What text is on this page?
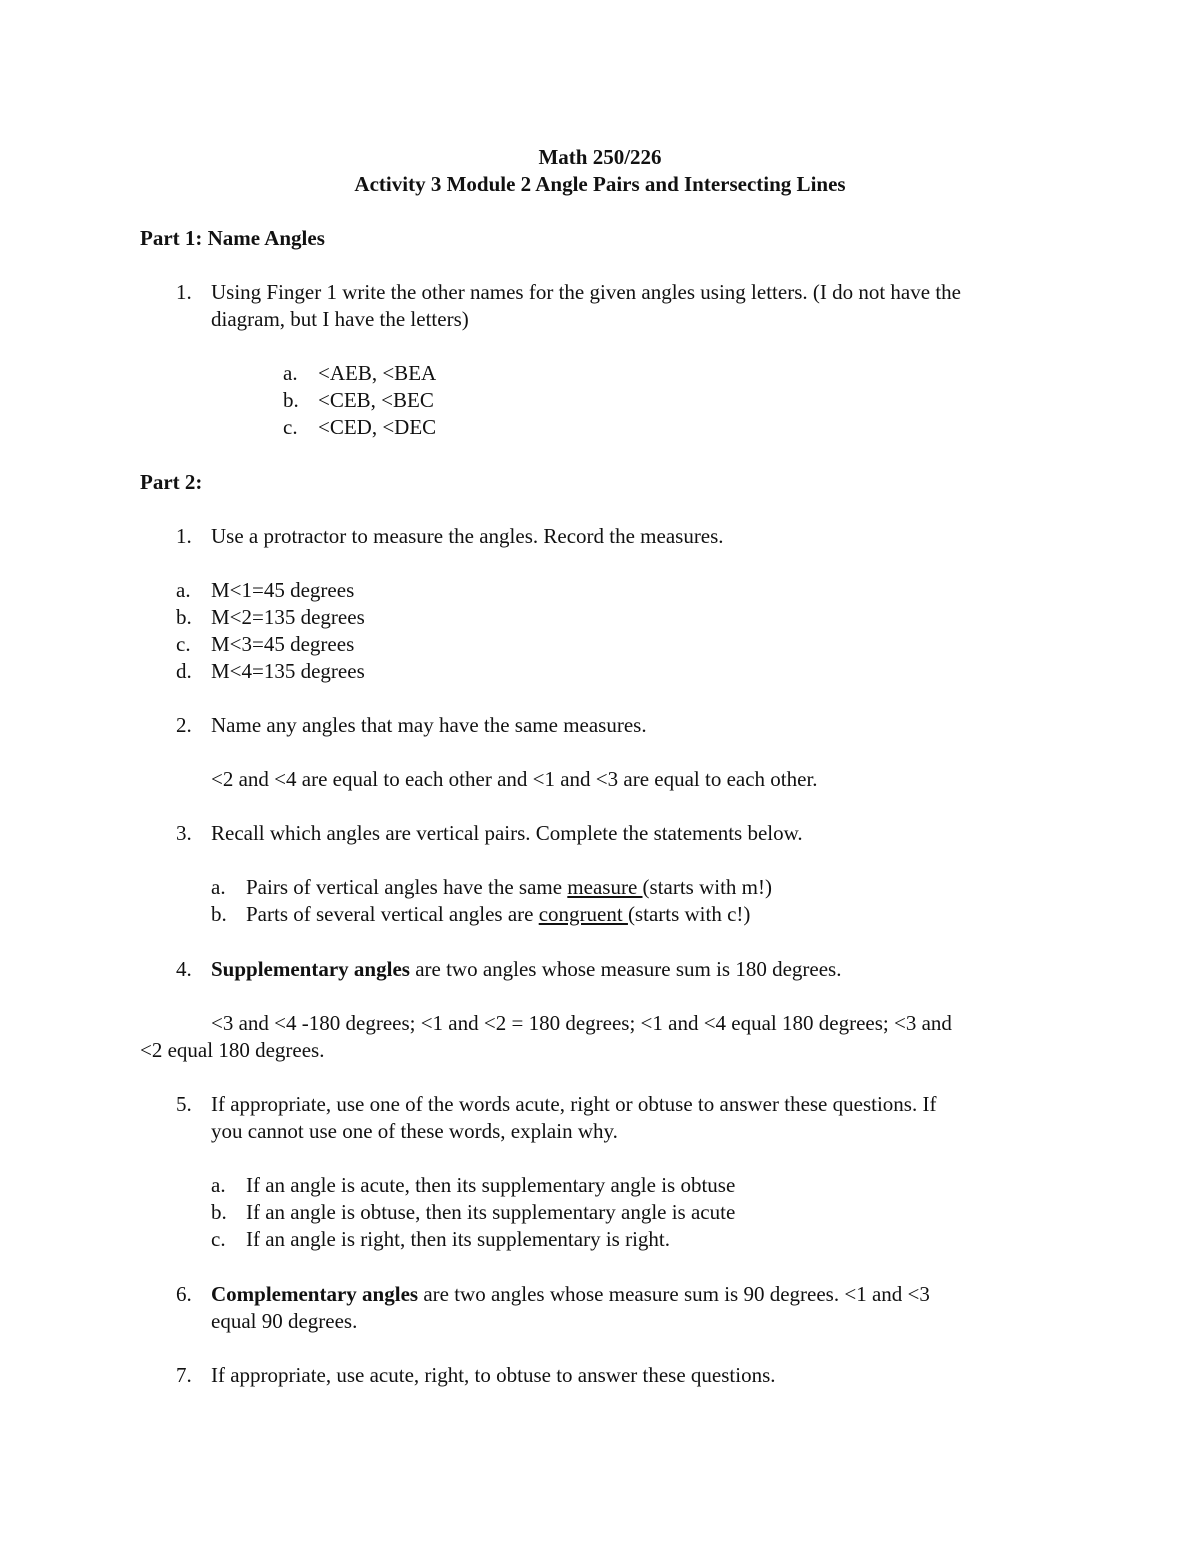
Math 250/226
Activity 3 Module 2 Angle Pairs and Intersecting Lines
Part 1: Name Angles
1. Using Finger 1 write the other names for the given angles using letters. (I do not have the
diagram, but I have the letters)
a. <AEB, <BEA
b. <CEB, <BEC
c. <CED, <DEC
Part 2:
1. Use a protractor to measure the angles. Record the measures.
a. M<1=45 degrees
b. M<2=135 degrees
c. M<3=45 degrees
d. M<4=135 degrees
2. Name any angles that may have the same measures.
<2 and <4 are equal to each other and <1 and <3 are equal to each other.
3. Recall which angles are vertical pairs. Complete the statements below.
a. Pairs of vertical angles have the same measure (starts with m!)
b. Parts of several vertical angles are congruent (starts with c!)
4. Supplementary angles are two angles whose measure sum is 180 degrees.
<3 and <4 -180 degrees; <1 and <2 = 180 degrees; <1 and <4 equal 180 degrees; <3 and
<2 equal 180 degrees.
5. If appropriate, use one of the words acute, right or obtuse to answer these questions. If
you cannot use one of these words, explain why.
a. If an angle is acute, then its supplementary angle is obtuse
b. If an angle is obtuse, then its supplementary angle is acute
c. If an angle is right, then its supplementary is right.
6. Complementary angles are two angles whose measure sum is 90 degrees. <1 and <3
equal 90 degrees.
7. If appropriate, use acute, right, to obtuse to answer these questions.
